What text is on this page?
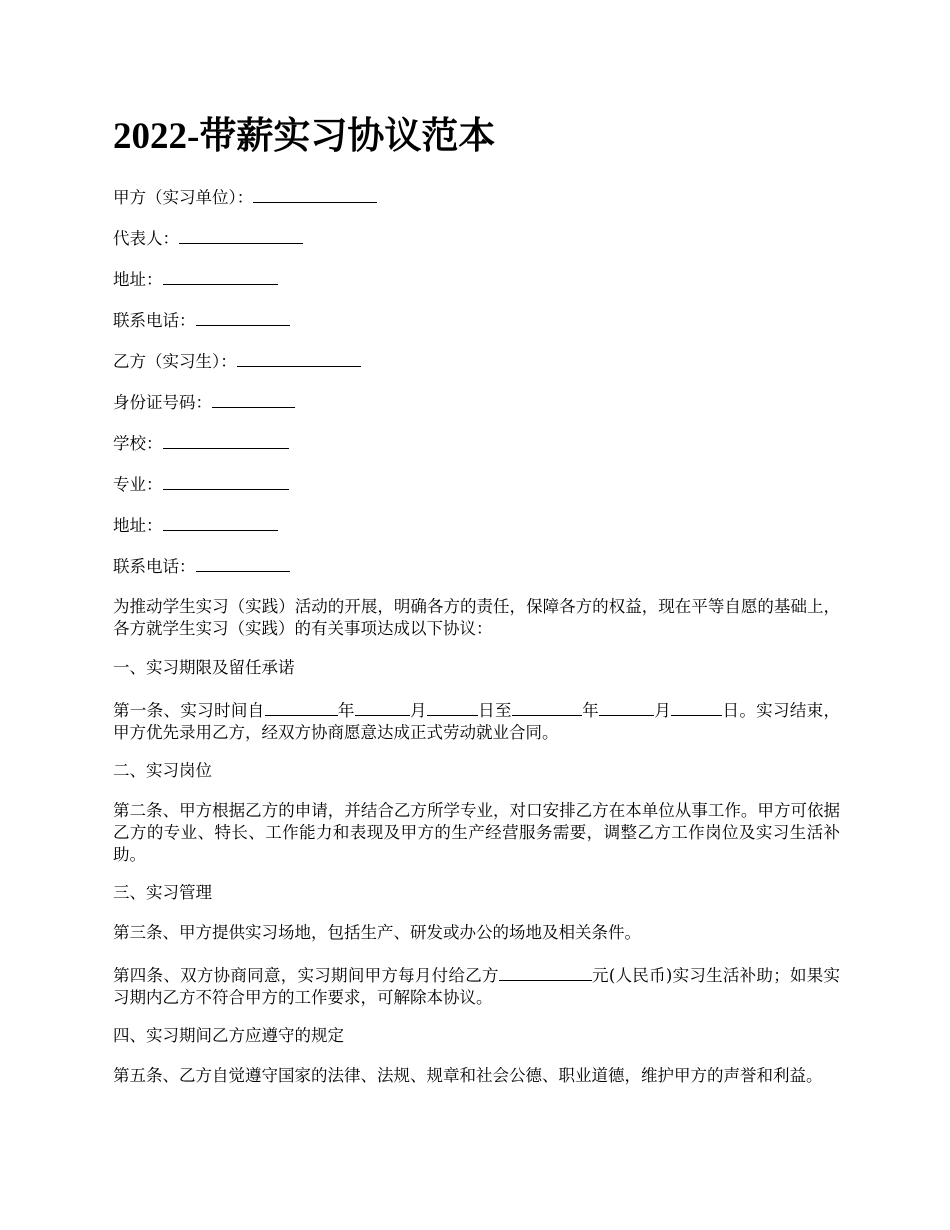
2022-带薪实习协议范本
甲方（实习单位）：
代表人：
地址：
联系电话：
乙方（实习生）：
身份证号码：
学校：
专业：
地址：
联系电话：
为推动学生实习（实践）活动的开展，明确各方的责任，保障各方的权益，现在平等自愿的基础上，各方就学生实习（实践）的有关事项达成以下协议：
一、实习期限及留任承诺
第一条、实习时间自	年	月	日至	年	月	日。实习结束，甲方优先录用乙方，经双方协商愿意达成正式劳动就业合同。
二、实习岗位
第二条、甲方根据乙方的申请，并结合乙方所学专业，对口安排乙方在本单位从事工作。甲方可依据乙方的专业、特长、工作能力和表现及甲方的生产经营服务需要，调整乙方工作岗位及实习生活补助。
三、实习管理
第三条、甲方提供实习场地，包括生产、研发或办公的场地及相关条件。
第四条、双方协商同意，实习期间甲方每月付给乙方	元(人民币)实习生活补助；如果实习期内乙方不符合甲方的工作要求，可解除本协议。
四、实习期间乙方应遵守的规定
第五条、乙方自觉遵守国家的法律、法规、规章和社会公德、职业道德，维护甲方的声誉和利益。
